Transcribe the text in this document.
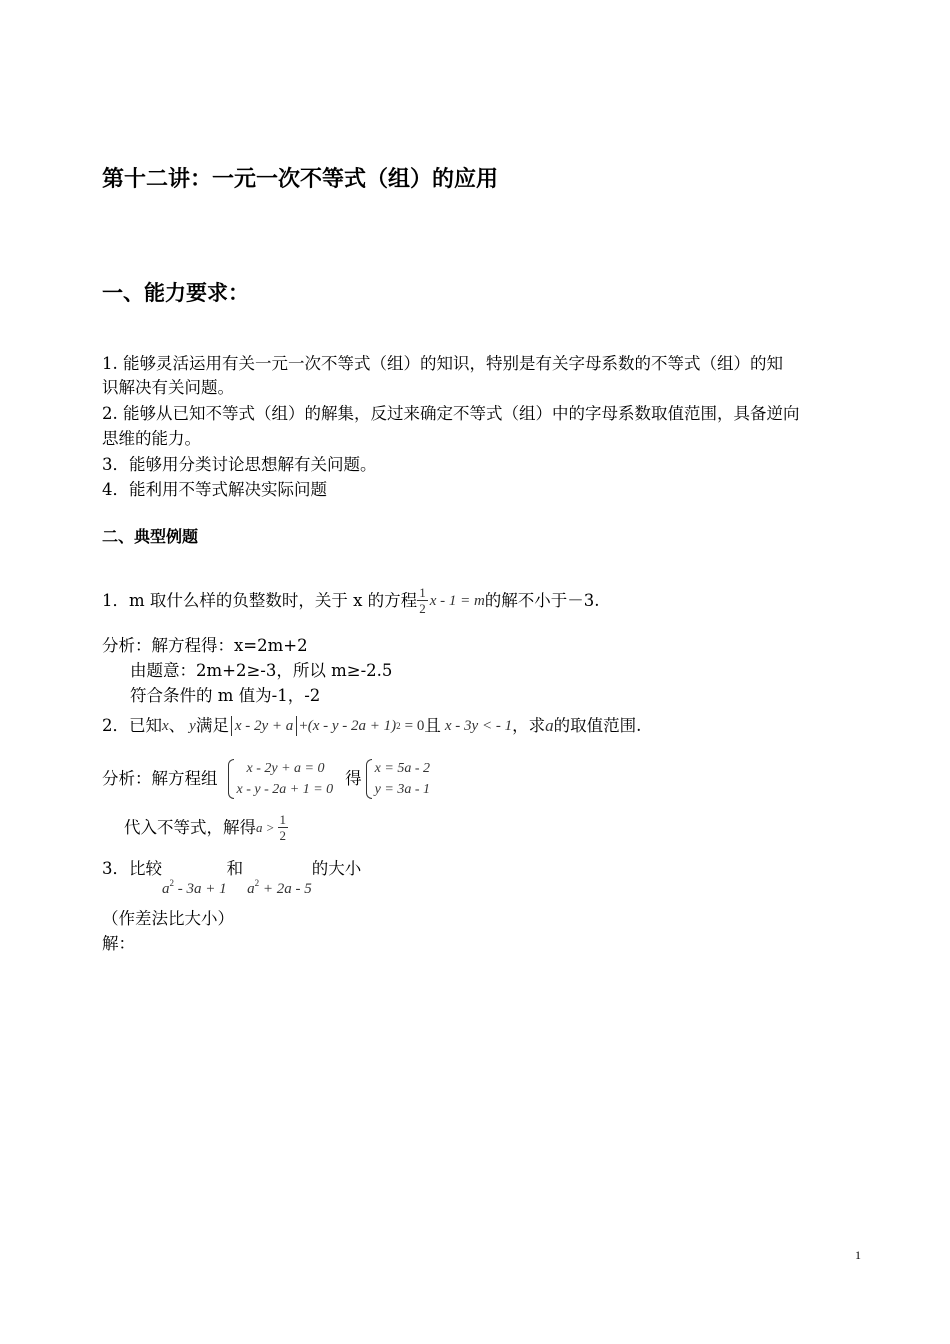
第十二讲：一元一次不等式（组）的应用
一、能力要求：
1. 能够灵活运用有关一元一次不等式（组）的知识，特别是有关字母系数的不等式（组）的知
识解决有关问题。
2. 能够从已知不等式（组）的解集，反过来确定不等式（组）中的字母系数取值范围，具备逆向
思维的能力。
3．能够用分类讨论思想解有关问题。
4．能利用不等式解决实际问题
二、典型例题
1．m 取什么样的负整数时，关于 x 的方程 $\frac{1}{2}$ x - 1 = m 的解不小于－3.
分析：解方程得：x=2m+2
由题意：2m+2≥-3，所以 m≥-2.5
符合条件的 m 值为-1，-2
2．已知 x 、 y 满足 x - 2y + a + (x - y - 2a + 1) 2 = 0 且 x - 3y < - 1 ，求 a 的取值范围.
分析：解方程组
x - 2y + a = 0
x - y - 2a + 1 = 0
得
x = 5a - 2
y = 3a - 1
代入不等式，解得 $a > \frac{1}{2}$
3．比较
$a^2 - 3a + 1$
和
$a^2 + 2a - 5$
的大小
（作差法比大小）
解：
1
